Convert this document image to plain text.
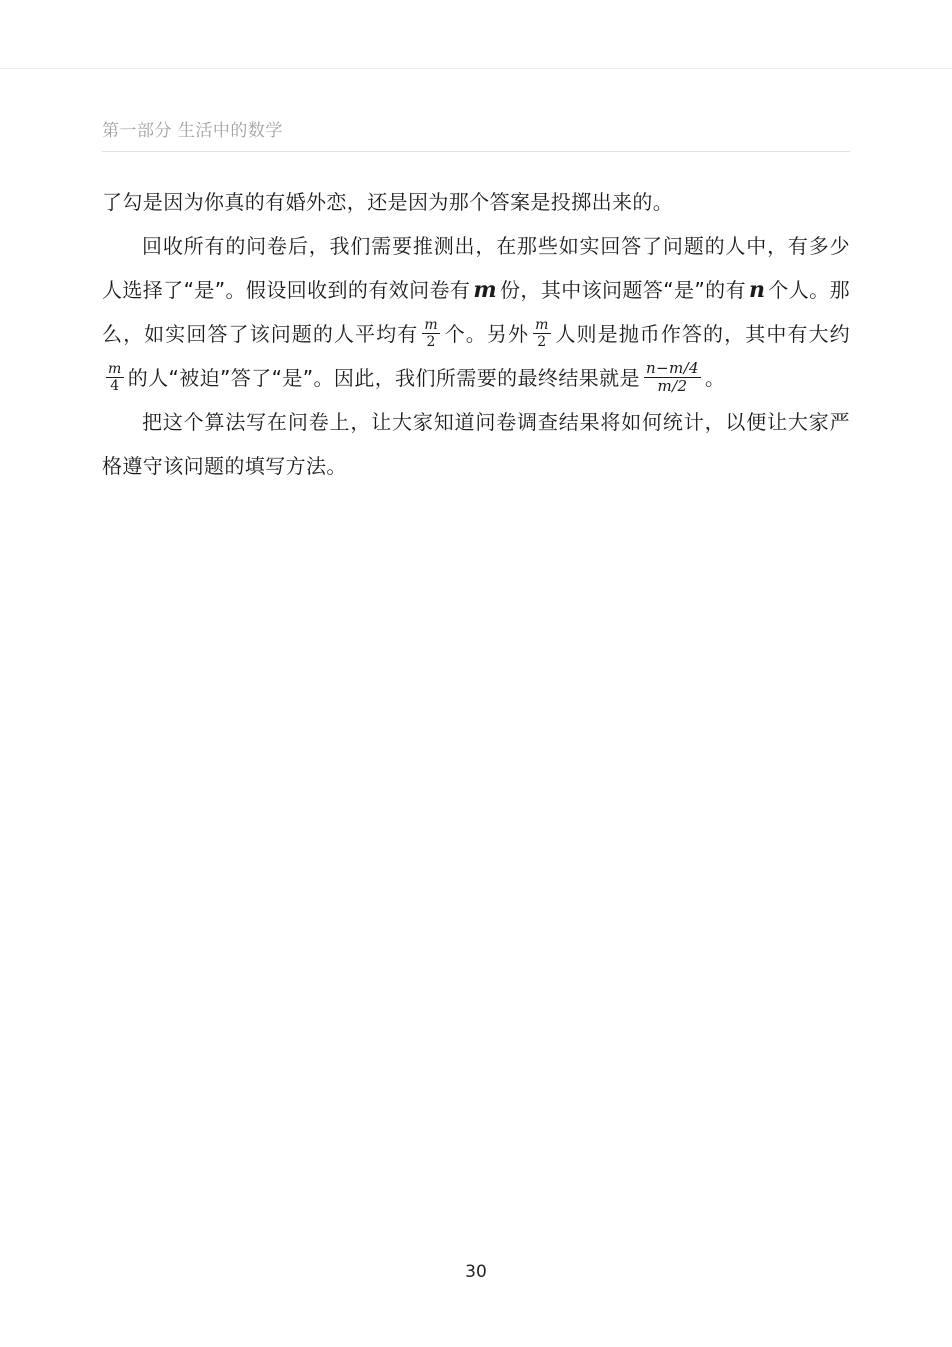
第一部分 生活中的数学

了勾是因为你真的有婚外恋，还是因为那个答案是投掷出来的。

回收所有的问卷后，我们需要推测出，在那些如实回答了问题的人中，有多少人选择了“是”。假设回收到的有效问卷有 m 份，其中该问题答“是”的有 n 个人。那么，如实回答了该问题的人平均有 $\frac{m}{2}$ 个。另外 $\frac{m}{2}$ 人则是抛币作答的，其中有大约
$\frac{m}{4}$ 的人“被迫”答了“是”。因此，我们所需要的最终结果就是 $\frac{n-m/4}{m/2}$ 。

把这个算法写在问卷上，让大家知道问卷调查结果将如何统计，以便让大家严格遵守该问题的填写方法。

30
